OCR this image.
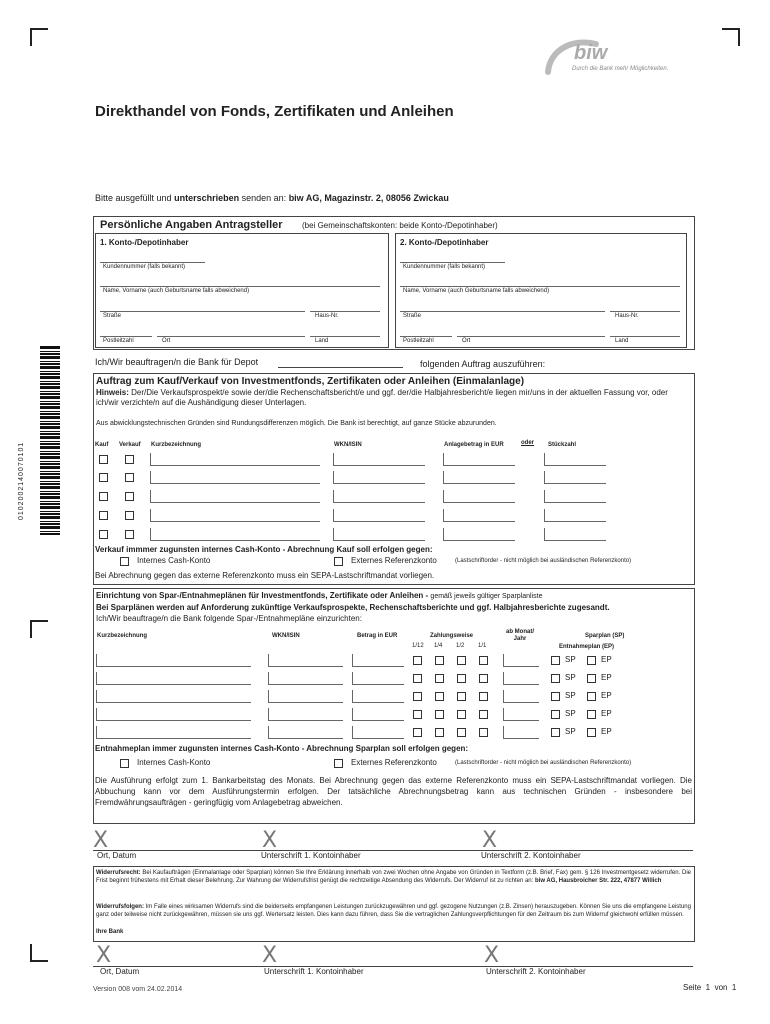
biw
Durch die Bank mehr Möglichkeiten.
Direkthandel von Fonds, Zertifikaten und Anleihen
Bitte ausgefüllt und unterschrieben senden an: biw AG, Magazinstr. 2, 08056 Zwickau
Persönliche Angaben Antragsteller (bei Gemeinschaftskonten: beide Konto-/Depotinhaber)
1. Konto-/Depotinhaber	2. Konto-/Depotinhaber
Kundennummer (falls bekannt)
Name, Vorname (auch Geburtsname falls abweichend)
Straße	Haus-Nr.
Postleitzahl	Ort	Land
Kundennummer (falls bekannt)
Name, Vorname (auch Geburtsname falls abweichend)
Straße	Haus-Nr.
Postleitzahl	Ort	Land
0102002140070101
Ich/Wir beauftragen/n die Bank für Depot	folgenden Auftrag auszuführen:
Auftrag zum Kauf/Verkauf von Investmentfonds, Zertifikaten oder Anleihen (Einmalanlage)
Hinweis: Der/Die Verkaufsprospekt/e sowie der/die Rechenschaftsbericht/e und ggf. der/die Halbjahresbericht/e liegen mir/uns in der aktuellen Fassung vor, oder ich/wir verzichte/n auf die Aushändigung dieser Unterlagen.
Aus abwicklungstechnischen Gründen sind Rundungsdifferenzen möglich. Die Bank ist berechtigt, auf ganze Stücke abzurunden.
Kauf Verkauf Kurzbezeichnung	WKN/ISIN	Anlagebetrag in EUR	oder Stückzahl
Verkauf immmer zugunsten internes Cash-Konto - Abrechnung Kauf soll erfolgen gegen:
Internes Cash-Konto	Externes Referenzkonto	(Lastschriftorder - nicht möglich bei ausländischen Referenzkonto)
Bei Abrechnung gegen das externe Referenzkonto muss ein SEPA-Lastschriftmandat vorliegen.
Einrichtung von Spar-/Entnahmeplänen für Investmentfonds, Zertifikate oder Anleihen - gemäß jeweils gültiger Sparplanliste
Bei Sparplänen werden auf Anforderung zukünftige Verkaufsprospekte, Rechenschaftsberichte und ggf. Halbjahresberichte zugesandt.
Ich/Wir beauftrage/n die Bank folgende Spar-/Entnahmepläne einzurichten:
Kurzbezeichnung	WKN/ISIN	Betrag in EUR	Zahlungsweise
ab Monat/ Jahr	Sparplan (SP)
Entnahmeplan (EP)
1/12 1/4 1/2 1/1
SP	EP
SP	EP
SP	EP
SP	EP
SP	EP
Entnahmeplan immer zugunsten internes Cash-Konto - Abrechnung Sparplan soll erfolgen gegen:
Internes Cash-Konto	Externes Referenzkonto	(Lastschriftorder - nicht möglich bei ausländischen Referenzkonto)
Die Ausführung erfolgt zum 1. Bankarbeitstag des Monats. Bei Abrechnung gegen das externe Referenzkonto muss ein SEPA-Lastschriftmandat vorliegen. Die Abbuchung kann vor dem Ausführungstermin erfolgen. Der tatsächliche Abrechnungsbetrag kann aus technischen Gründen - insbesondere bei Fremdwährungsaufträgen - geringfügig vom Anlagebetrag abweichen.
X	X	X
Ort, Datum	Unterschrift 1. Kontoinhaber	Unterschrift 2. Kontoinhaber
Widerrufsrecht: Bei Kaufaufträgen (Einmalanlage oder Sparplan) können Sie Ihre Erklärung innerhalb von zwei Wochen ohne Angabe von Gründen in Textform (z.B. Brief, Fax) gem. § 126 Investmentgesetz widerrufen. Die Frist beginnt frühestens mit Erhalt dieser Belehrung. Zur Wahrung der Widerrufsfrist genügt die rechtzeitige Absendung des Widerrufs. Der Widerruf ist zu richten an: biw AG, Hausbroicher Str. 222, 47877 Willich
Widerrufsfolgen: Im Falle eines wirksamen Widerrufs sind die beiderseits empfangenen Leistungen zurückzugewähren und ggf. gezogene Nutzungen (z.B. Zinsen) herauszugeben. Können Sie uns die empfangene Leistung ganz oder teilweise nicht zurückgewähren, müssen sie uns ggf. Wertersatz leisten. Dies kann dazu führen, dass Sie die vertraglichen Zahlungsverpflichtungen für den Zeitraum bis zum Widerruf gleichwohl erfüllen müssen.
Ihre Bank
X	X	X
Ort, Datum	Unterschrift 1. Kontoinhaber	Unterschrift 2. Kontoinhaber
Version 008 vom 24.02.2014	Seite  1  von  1
